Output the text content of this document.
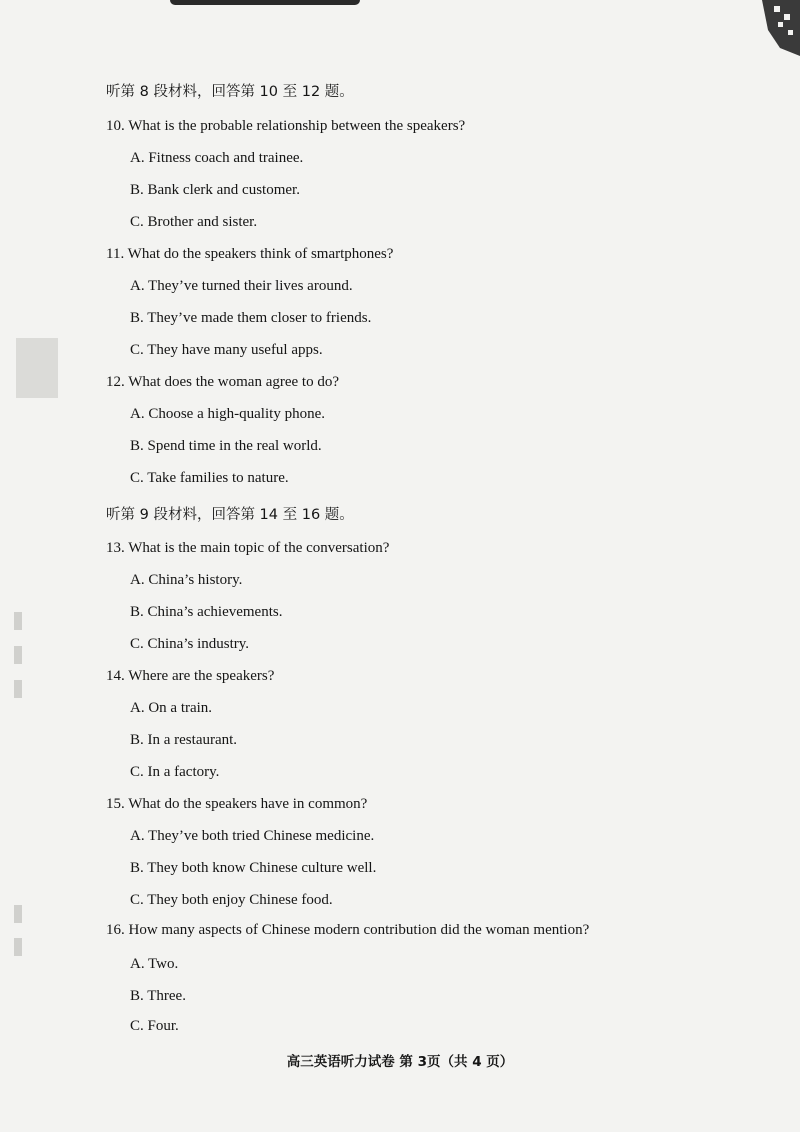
听第 8 段材料，回答第 10 至 12 题。
10. What is the probable relationship between the speakers?
A. Fitness coach and trainee.
B. Bank clerk and customer.
C. Brother and sister.
11. What do the speakers think of smartphones?
A. They’ve turned their lives around.
B. They’ve made them closer to friends.
C. They have many useful apps.
12. What does the woman agree to do?
A. Choose a high-quality phone.
B. Spend time in the real world.
C. Take families to nature.
听第 9 段材料，回答第 14 至 16 题。
13. What is the main topic of the conversation?
A. China’s history.
B. China’s achievements.
C. China’s industry.
14. Where are the speakers?
A. On a train.
B. In a restaurant.
C. In a factory.
15. What do the speakers have in common?
A. They’ve both tried Chinese medicine.
B. They both know Chinese culture well.
C. They both enjoy Chinese food.
16. How many aspects of Chinese modern contribution did the woman mention?
A. Two.
B. Three.
C. Four.
高三英语听力试卷 第 3页（共 4 页）
